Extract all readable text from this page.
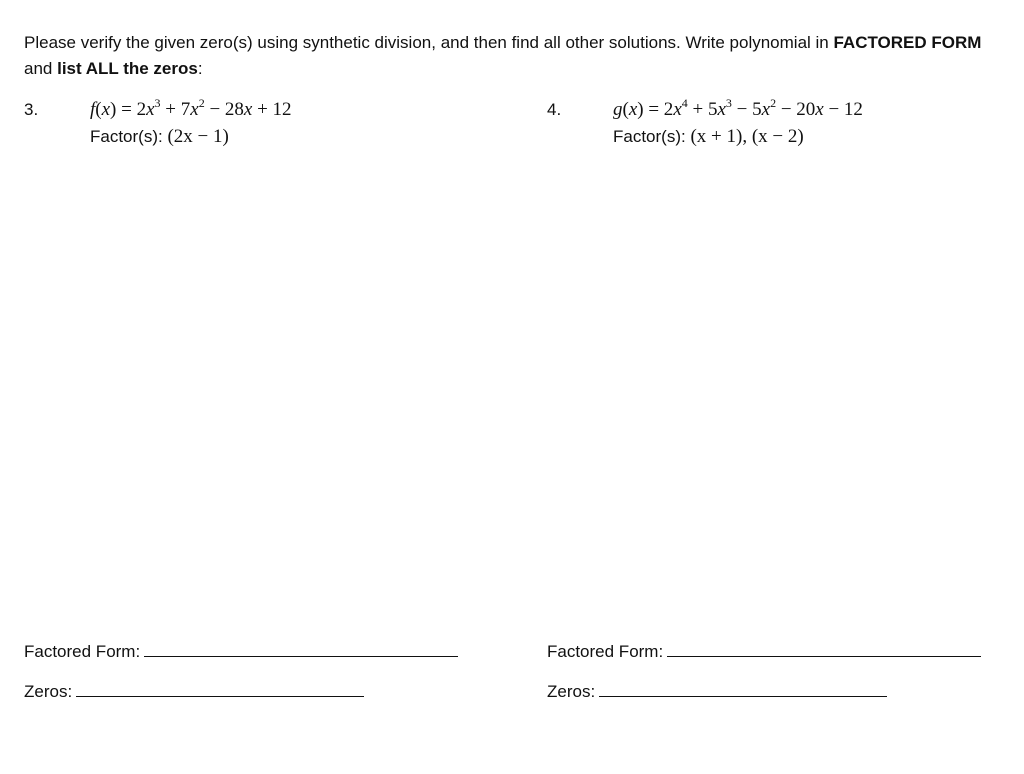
Please verify the given zero(s) using synthetic division, and then find all other solutions. Write polynomial in FACTORED FORM and list ALL the zeros:
3.	$f(x) = 2x^3 + 7x^2 - 28x + 12$
Factor(s): (2x − 1)
4.	$g(x) = 2x^4 + 5x^3 - 5x^2 - 20x - 12$
Factor(s): (x + 1), (x − 2)
Factored Form:
Zeros:
Factored Form:
Zeros:
